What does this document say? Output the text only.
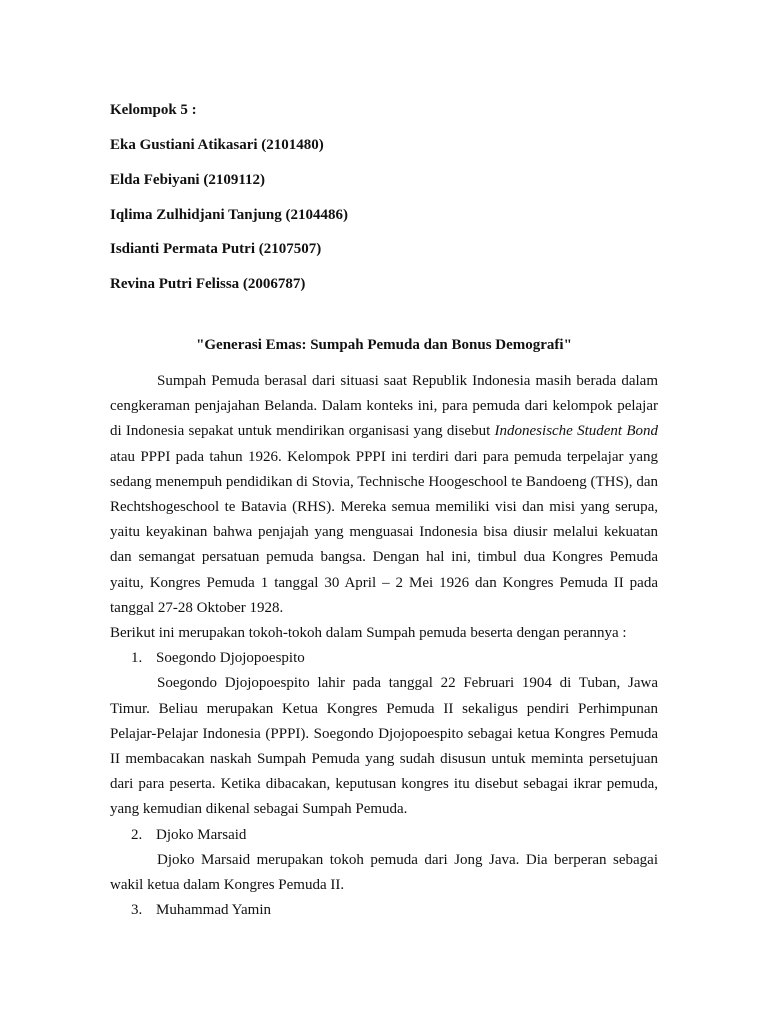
Kelompok 5 :
Eka Gustiani Atikasari (2101480)
Elda Febiyani (2109112)
Iqlima Zulhidjani Tanjung (2104486)
Isdianti Permata Putri (2107507)
Revina Putri Felissa (2006787)
"Generasi Emas: Sumpah Pemuda dan Bonus Demografi"

Sumpah Pemuda berasal dari situasi saat Republik Indonesia masih berada dalam cengkeraman penjajahan Belanda. Dalam konteks ini, para pemuda dari kelompok pelajar di Indonesia sepakat untuk mendirikan organisasi yang disebut Indonesische Student Bond atau PPPI pada tahun 1926. Kelompok PPPI ini terdiri dari para pemuda terpelajar yang sedang menempuh pendidikan di Stovia, Technische Hoogeschool te Bandoeng (THS), dan Rechtshogeschool te Batavia (RHS). Mereka semua memiliki visi dan misi yang serupa, yaitu keyakinan bahwa penjajah yang menguasai Indonesia bisa diusir melalui kekuatan dan semangat persatuan pemuda bangsa. Dengan hal ini, timbul dua Kongres Pemuda yaitu, Kongres Pemuda 1 tanggal 30 April – 2 Mei 1926 dan Kongres Pemuda II pada tanggal 27-28 Oktober 1928.

Berikut ini merupakan tokoh-tokoh dalam Sumpah pemuda beserta dengan perannya :

1. Soegondo Djojopoespito

Soegondo Djojopoespito lahir pada tanggal 22 Februari 1904 di Tuban, Jawa Timur. Beliau merupakan Ketua Kongres Pemuda II sekaligus pendiri Perhimpunan Pelajar-Pelajar Indonesia (PPPI). Soegondo Djojopoespito sebagai ketua Kongres Pemuda II membacakan naskah Sumpah Pemuda yang sudah disusun untuk meminta persetujuan dari para peserta. Ketika dibacakan, keputusan kongres itu disebut sebagai ikrar pemuda, yang kemudian dikenal sebagai Sumpah Pemuda.

2. Djoko Marsaid

Djoko Marsaid merupakan tokoh pemuda dari Jong Java. Dia berperan sebagai wakil ketua dalam Kongres Pemuda II.

3. Muhammad Yamin
